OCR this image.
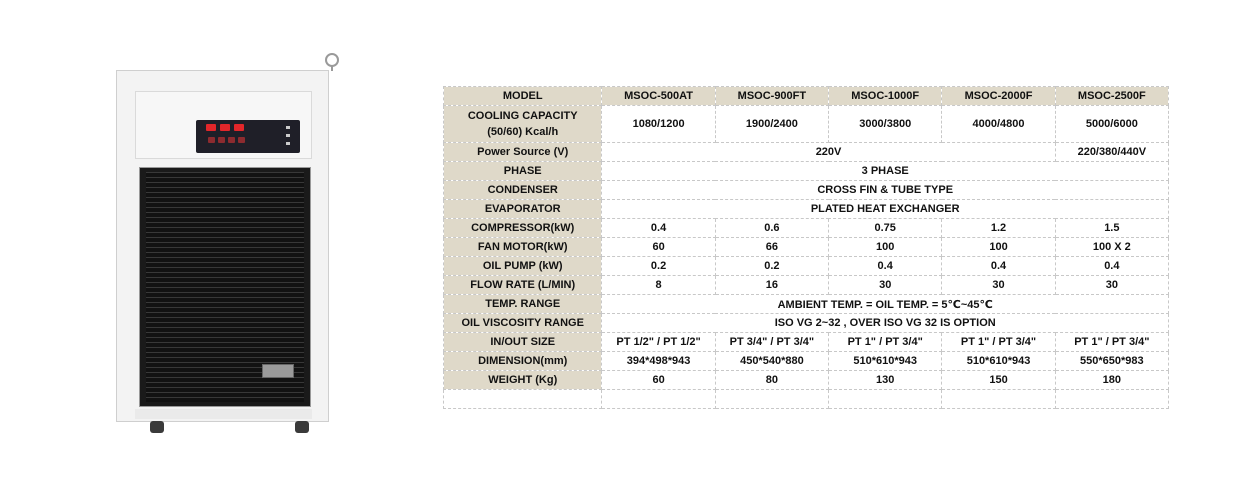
MODEL	MSOC-500AT	MSOC-900FT	MSOC-1000F	MSOC-2000F	MSOC-2500F

COOLING CAPACITY
(50/60) Kcal/h	1080/1200	1900/2400	3000/3800	4000/4800	5000/6000
Power Source (V)	220V				220/380/440V
PHASE	3 PHASE				
CONDENSER	CROSS FIN & TUBE TYPE				
EVAPORATOR	PLATED HEAT EXCHANGER				
COMPRESSOR(kW)	0.4	0.6	0.75	1.2	1.5
FAN MOTOR(kW)	60	66	100	100	100 X 2
OIL PUMP (kW)	0.2	0.2	0.4	0.4	0.4
FLOW RATE (L/MIN)	8	16	30	30	30
TEMP. RANGE	AMBIENT TEMP. = OIL TEMP. = 5℃~45℃				
OIL VISCOSITY RANGE	ISO VG 2~32 , OVER ISO VG 32 IS OPTION				
IN/OUT SIZE	PT 1/2" / PT 1/2"	PT 3/4" / PT 3/4"	PT 1" / PT 3/4"	PT 1" / PT 3/4"	PT 1" / PT 3/4"
DIMENSION(mm)	394*498*943	450*540*880	510*610*943	510*610*943	550*650*983
WEIGHT (Kg)	60	80	130	150	180
